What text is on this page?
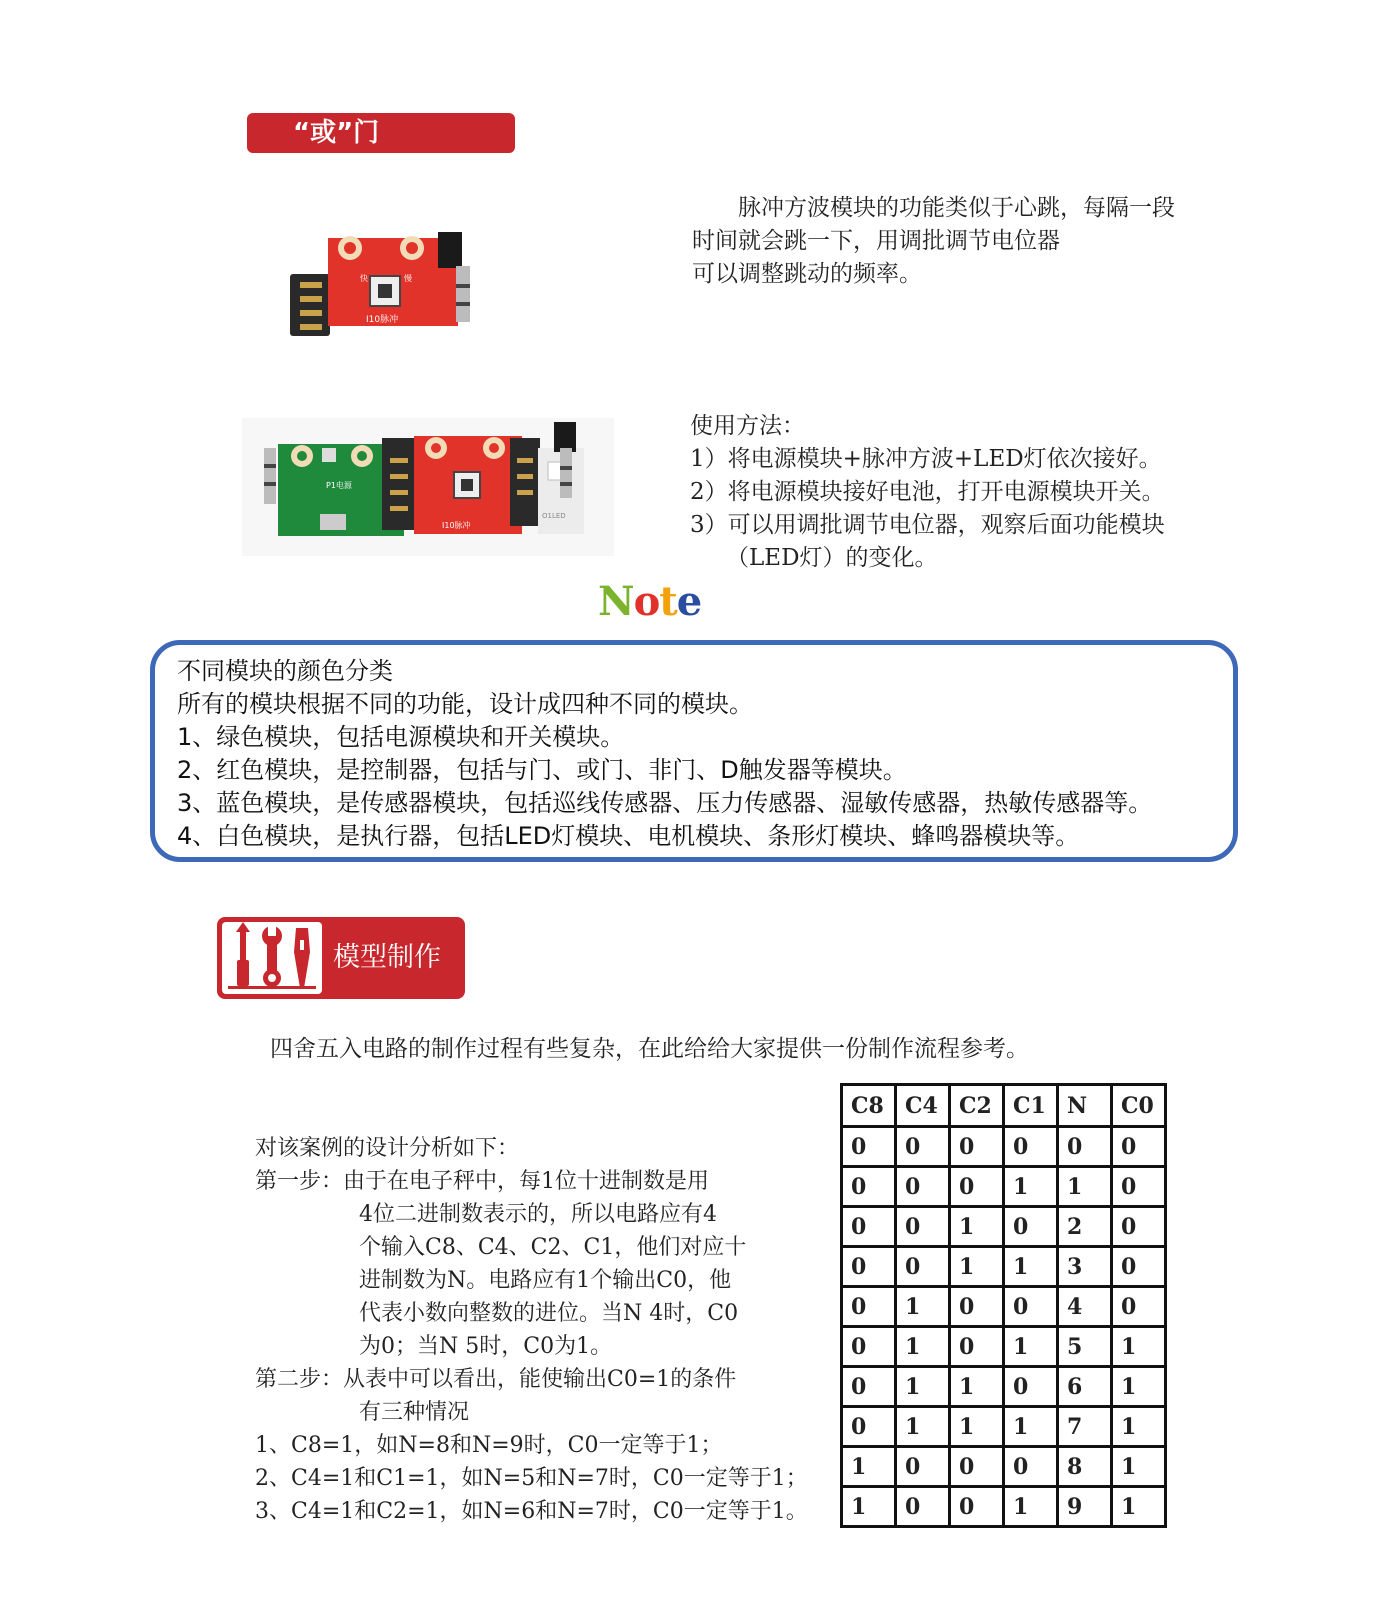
“或”门
快	慢
I10脉冲

脉冲方波模块的功能类似于心跳，每隔一段

时间就会跳一下，用调批调节电位器

可以调整跳动的频率。

P1电源
I10脉冲
O1LED
使用方法：
1）将电源模块+脉冲方波+LED灯依次接好。
2）将电源模块接好电池，打开电源模块开关。
3）可以用调批调节电位器，观察后面功能模块
（LED灯）的变化。
Note
不同模块的颜色分类
所有的模块根据不同的功能，设计成四种不同的模块。
1、绿色模块，包括电源模块和开关模块。
2、红色模块，是控制器，包括与门、或门、非门、D触发器等模块。
3、蓝色模块，是传感器模块，包括巡线传感器、压力传感器、湿敏传感器，热敏传感器等。
4、白色模块，是执行器，包括LED灯模块、电机模块、条形灯模块、蜂鸣器模块等。
模型制作
四舍五入电路的制作过程有些复杂，在此给给大家提供一份制作流程参考。
对该案例的设计分析如下：
第一步：由于在电子秤中，每1位十进制数是用
4位二进制数表示的，所以电路应有4
个输入C8、C4、C2、C1，他们对应十
进制数为N。电路应有1个输出C0，他
代表小数向整数的进位。当N 4时，C0
为0；当N 5时，C0为1。
第二步：从表中可以看出，能使输出C0=1的条件
有三种情况
1、C8=1，如N=8和N=9时，C0一定等于1；
2、C4=1和C1=1，如N=5和N=7时，C0一定等于1；
3、C4=1和C2=1，如N=6和N=7时，C0一定等于1。
C8	C4	C2	C1	N	C0
0	0	0	0	0	0
0	0	0	1	1	0
0	0	1	0	2	0
0	0	1	1	3	0
0	1	0	0	4	0
0	1	0	1	5	1
0	1	1	0	6	1
0	1	1	1	7	1
1	0	0	0	8	1
1	0	0	1	9	1
